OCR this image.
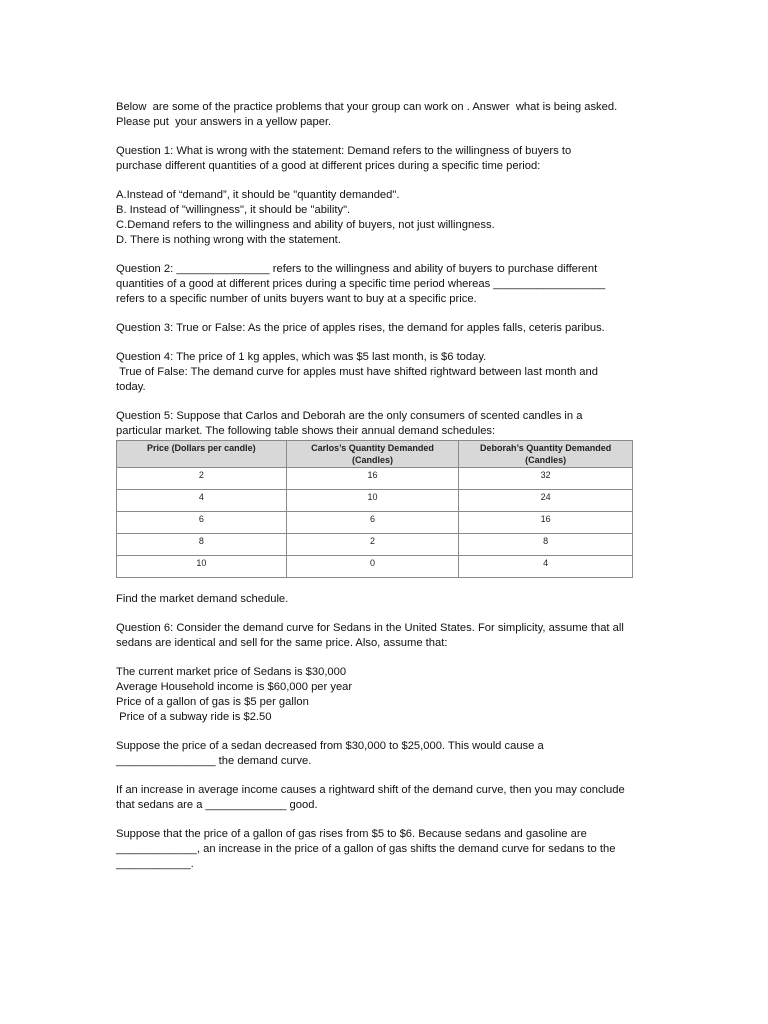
Below  are some of the practice problems that your group can work on . Answer  what is being asked.

Please put  your answers in a yellow paper.

Question 1: What is wrong with the statement: Demand refers to the willingness of buyers to

purchase different quantities of a good at different prices during a specific time period:

A.Instead of “demand”, it should be "quantity demanded".

B. Instead of "willingness", it should be "ability".

C.Demand refers to the willingness and ability of buyers, not just willingness.

D. There is nothing wrong with the statement.

Question 2: _______________ refers to the willingness and ability of buyers to purchase different

quantities of a good at different prices during a specific time period whereas __________________

refers to a specific number of units buyers want to buy at a specific price.

Question 3: True or False: As the price of apples rises, the demand for apples falls, ceteris paribus.

Question 4: The price of 1 kg apples, which was $5 last month, is $6 today.

True of False: The demand curve for apples must have shifted rightward between last month and

today.

Question 5: Suppose that Carlos and Deborah are the only consumers of scented candles in a

particular market. The following table shows their annual demand schedules:

Price (Dollars per candle)	Carlos’s Quantity Demanded (Candles)	Deborah’s Quantity Demanded (Candles)
2	16	32
4	10	24
6	6	16
8	2	8
10	0	4

Find the market demand schedule.

Question 6: Consider the demand curve for Sedans in the United States. For simplicity, assume that all

sedans are identical and sell for the same price. Also, assume that:

The current market price of Sedans is $30,000

Average Household income is $60,000 per year

Price of a gallon of gas is $5 per gallon

Price of a subway ride is $2.50

Suppose the price of a sedan decreased from $30,000 to $25,000. This would cause a

________________ the demand curve.

If an increase in average income causes a rightward shift of the demand curve, then you may conclude

that sedans are a _____________ good.

Suppose that the price of a gallon of gas rises from $5 to $6. Because sedans and gasoline are

_____________, an increase in the price of a gallon of gas shifts the demand curve for sedans to the

____________.
